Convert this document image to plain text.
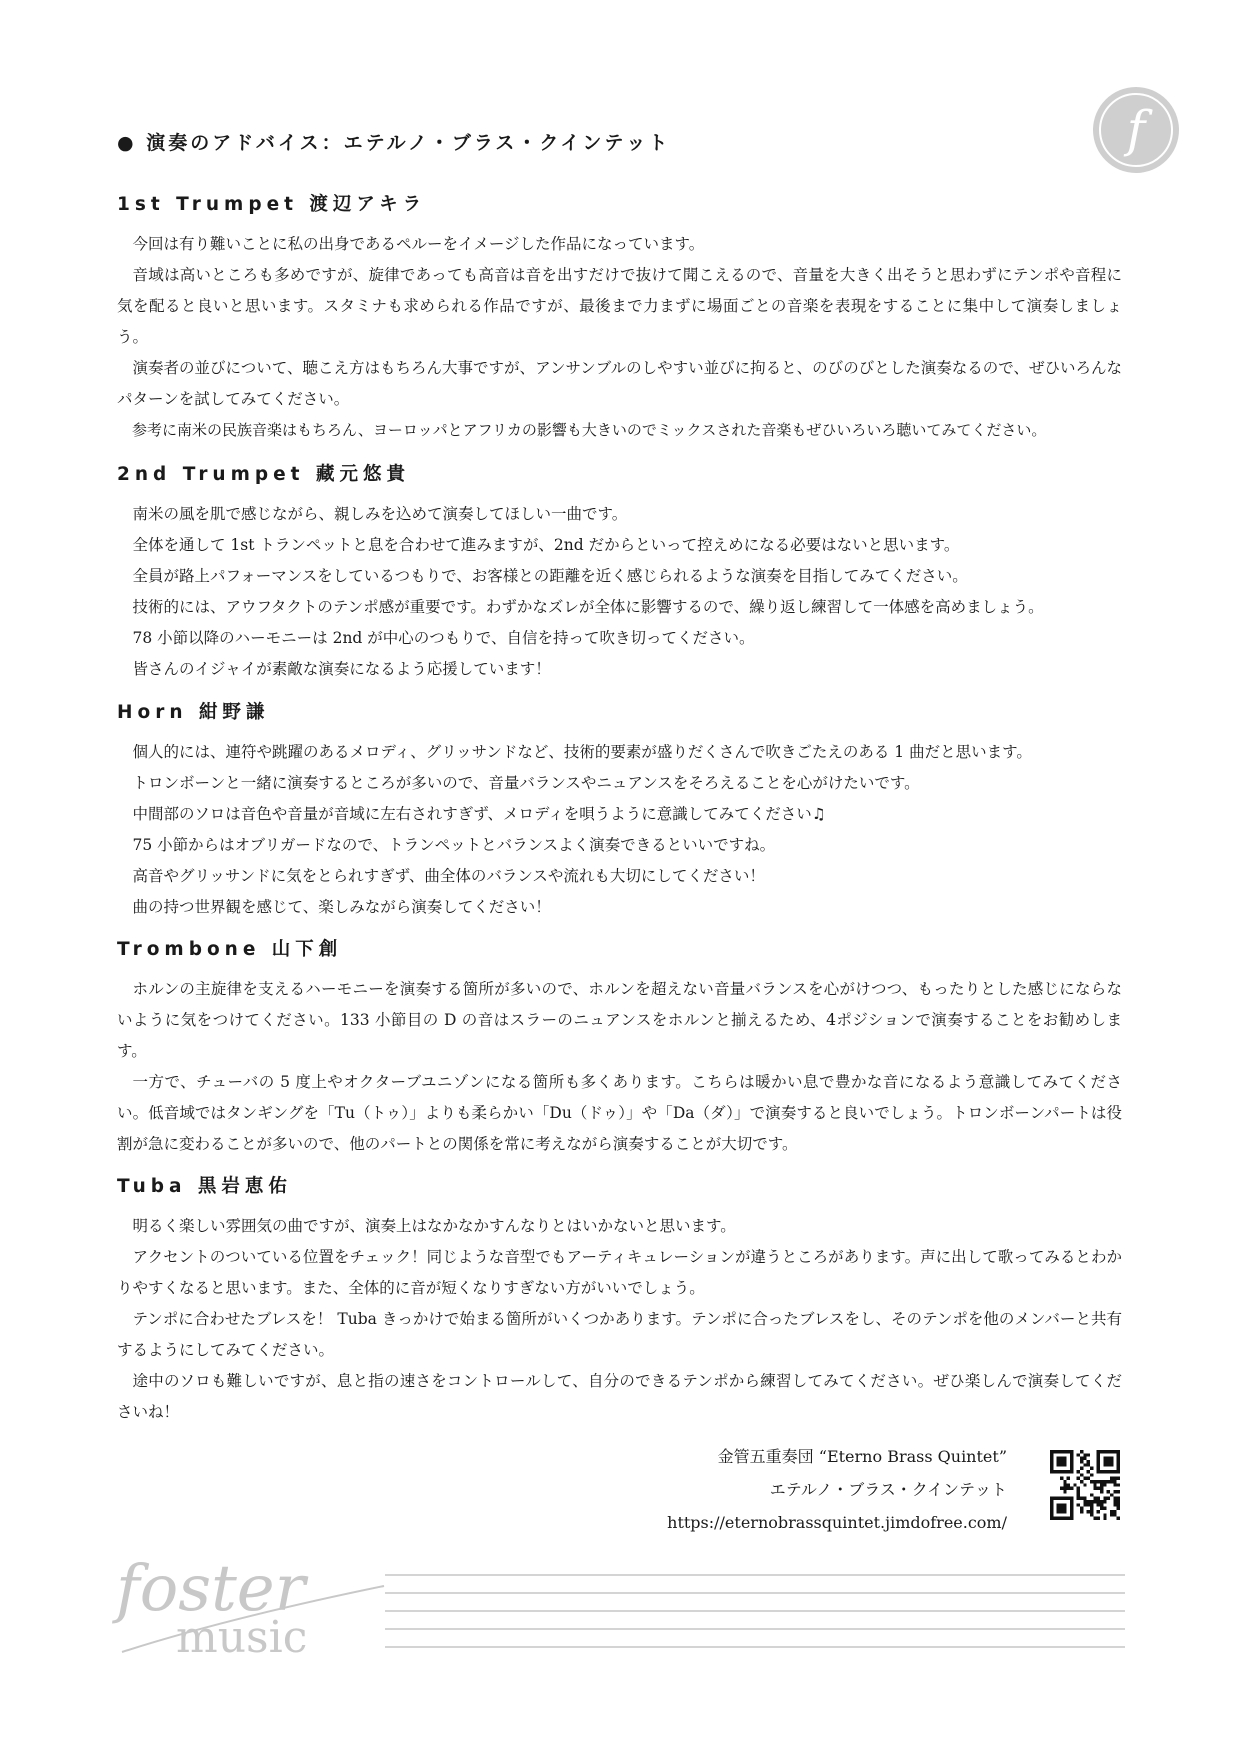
f
● 演奏のアドバイス：エテルノ・ブラス・クインテット
1st Trumpet 渡辺アキラ

今回は有り難いことに私の出身であるペルーをイメージした作品になっています。

音域は高いところも多めですが、旋律であっても高音は音を出すだけで抜けて聞こえるので、音量を大きく出そうと思わずにテンポや音程に気を配ると良いと思います。スタミナも求められる作品ですが、最後まで力まずに場面ごとの音楽を表現をすることに集中して演奏しましょう。

演奏者の並びについて、聴こえ方はもちろん大事ですが、アンサンブルのしやすい並びに拘ると、のびのびとした演奏なるので、ぜひいろんなパターンを試してみてください。

参考に南米の民族音楽はもちろん、ヨーロッパとアフリカの影響も大きいのでミックスされた音楽もぜひいろいろ聴いてみてください。

2nd Trumpet 藏元悠貴

南米の風を肌で感じながら、親しみを込めて演奏してほしい一曲です。

全体を通して 1st トランペットと息を合わせて進みますが、2nd だからといって控えめになる必要はないと思います。

全員が路上パフォーマンスをしているつもりで、お客様との距離を近く感じられるような演奏を目指してみてください。

技術的には、アウフタクトのテンポ感が重要です。わずかなズレが全体に影響するので、繰り返し練習して一体感を高めましょう。

78 小節以降のハーモニーは 2nd が中心のつもりで、自信を持って吹き切ってください。

皆さんのイジャイが素敵な演奏になるよう応援しています！

Horn 紺野謙

個人的には、連符や跳躍のあるメロディ、グリッサンドなど、技術的要素が盛りだくさんで吹きごたえのある 1 曲だと思います。

トロンボーンと一緒に演奏するところが多いので、音量バランスやニュアンスをそろえることを心がけたいです。

中間部のソロは音色や音量が音域に左右されすぎず、メロディを唄うように意識してみてください♫

75 小節からはオブリガードなので、トランペットとバランスよく演奏できるといいですね。

高音やグリッサンドに気をとられすぎず、曲全体のバランスや流れも大切にしてください！

曲の持つ世界観を感じて、楽しみながら演奏してください！

Trombone 山下創

ホルンの主旋律を支えるハーモニーを演奏する箇所が多いので、ホルンを超えない音量バランスを心がけつつ、もったりとした感じにならないように気をつけてください。133 小節目の D の音はスラーのニュアンスをホルンと揃えるため、4ポジションで演奏することをお勧めします。

一方で、チューバの 5 度上やオクターブユニゾンになる箇所も多くあります。こちらは暖かい息で豊かな音になるよう意識してみてください。低音域ではタンギングを「Tu（トゥ）」よりも柔らかい「Du（ドゥ）」や「Da（ダ）」で演奏すると良いでしょう。トロンボーンパートは役割が急に変わることが多いので、他のパートとの関係を常に考えながら演奏することが大切です。

Tuba 黒岩恵佑

明るく楽しい雰囲気の曲ですが、演奏上はなかなかすんなりとはいかないと思います。

アクセントのついている位置をチェック！同じような音型でもアーティキュレーションが違うところがあります。声に出して歌ってみるとわかりやすくなると思います。また、全体的に音が短くなりすぎない方がいいでしょう。

テンポに合わせたブレスを！ Tuba きっかけで始まる箇所がいくつかあります。テンポに合ったブレスをし、そのテンポを他のメンバーと共有するようにしてみてください。

途中のソロも難しいですが、息と指の速さをコントロールして、自分のできるテンポから練習してみてください。ぜひ楽しんで演奏してくださいね！

金管五重奏団 “Eterno Brass Quintet”
エテルノ・ブラス・クインテット
https://eternobrassquintet.jimdofree.com/
foster
music
